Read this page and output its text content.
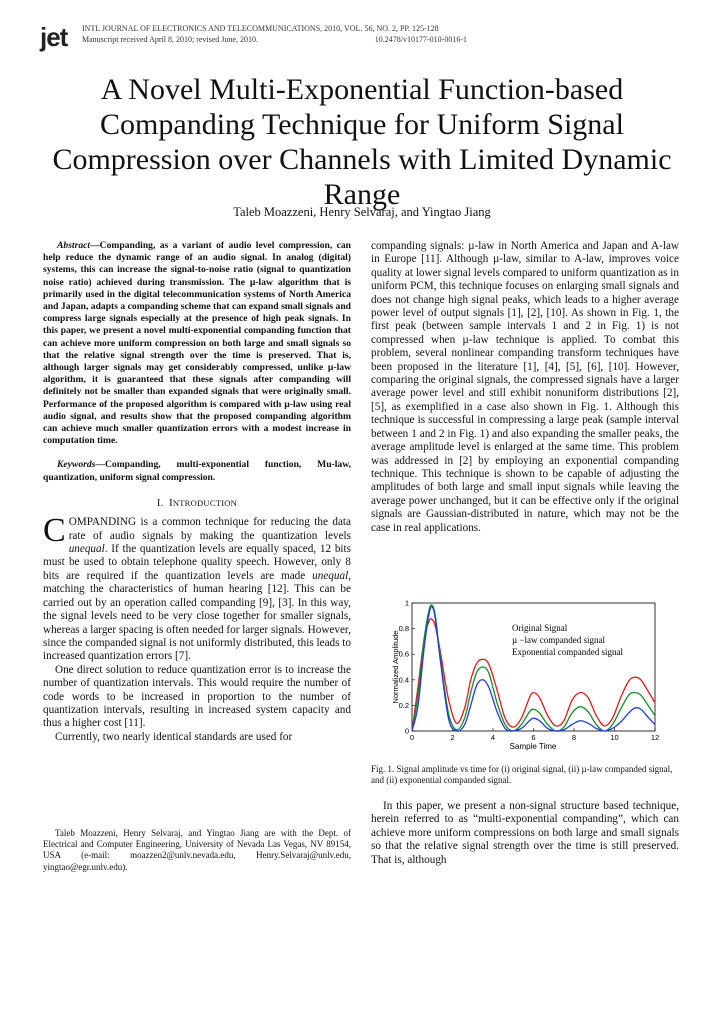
jet INTL JOURNAL OF ELECTRONICS AND TELECOMMUNICATIONS, 2010, VOL. 56, NO. 2, PP. 125-128
Manuscript received April 8, 2010; revised June, 2010.	10.2478/v10177-010-0016-1
A Novel Multi-Exponential Function-based Companding Technique for Uniform Signal Compression over Channels with Limited Dynamic Range
Taleb Moazzeni, Henry Selvaraj, and Yingtao Jiang

Abstract—Companding, as a variant of audio level compression, can help reduce the dynamic range of an audio signal. In analog (digital) systems, this can increase the signal-to-noise ratio (signal to quantization noise ratio) achieved during transmission. The µ-law algorithm that is primarily used in the digital telecommunication systems of North America and Japan, adapts a companding scheme that can expand small signals and compress large signals especially at the presence of high peak signals. In this paper, we present a novel multi-exponential companding function that can achieve more uniform compression on both large and small signals so that the relative signal strength over the time is preserved. That is, although larger signals may get considerably compressed, unlike µ-law algorithm, it is guaranteed that these signals after companding will definitely not be smaller than expanded signals that were originally small. Performance of the proposed algorithm is compared with µ-law using real audio signal, and results show that the proposed companding algorithm can achieve much smaller quantization errors with a modest increase in computation time.

Keywords—Companding, multi-exponential function, Mu-law, quantization, uniform signal compression.

I. INTRODUCTION

COMPANDING is a common technique for reducing the data rate of audio signals by making the quantization levels unequal. If the quantization levels are equally spaced, 12 bits must be used to obtain telephone quality speech. However, only 8 bits are required if the quantization levels are made unequal, matching the characteristics of human hearing [12]. This can be carried out by an operation called companding [9], [3]. In this way, the signal levels need to be very close together for smaller signals, whereas a larger spacing is often needed for larger signals. However, since the companded signal is not uniformly distributed, this leads to increased quantization errors [7].

One direct solution to reduce quantization error is to increase the number of quantization intervals. This would require the number of code words to be increased in proportion to the number of quantization intervals, resulting in increased system capacity and thus a higher cost [11].

Currently, two nearly identical standards are used for

Taleb Moazzeni, Henry Selvaraj, and Yingtao Jiang are with the Dept. of Electrical and Computer Engineering, University of Nevada Las Vegas, NV 89154, USA (e-mail: moazzen2@unlv.nevada.edu, Henry.Selvaraj@unlv.edu, yingtao@egr.unlv.edu).

companding signals: µ-law in North America and Japan and A-law in Europe [11]. Although µ-law, similar to A-law, improves voice quality at lower signal levels compared to uniform quantization as in uniform PCM, this technique focuses on enlarging small signals and does not change high signal peaks, which leads to a higher average power level of output signals [1], [2], [10]. As shown in Fig. 1, the first peak (between sample intervals 1 and 2 in Fig. 1) is not compressed when µ-law technique is applied. To combat this problem, several nonlinear companding transform techniques have been proposed in the literature [1], [4], [5], [6], [10]. However, comparing the original signals, the compressed signals have a larger average power level and still exhibit nonuniform distributions [2], [5], as exemplified in a case also shown in Fig. 1. Although this technique is successful in compressing a large peak (sample interval between 1 and 2 in Fig. 1) and also expanding the smaller peaks, the average amplitude level is enlarged at the same time. This problem was addressed in [2] by employing an exponential companding technique. This technique is shown to be capable of adjusting the amplitudes of both large and small input signals while leaving the average power unchanged, but it can be effective only if the original signals are Gaussian-distributed in nature, which may not be the case in real applications.

0	2	4	6	8	10	12
0
0.2
0.4
0.6
0.8
1
Sample Time
Normalized Amplitude
Original Signal
µ −law companded signal
Exponential companded signal
Fig. 1. Signal amplitude vs time for (i) original signal, (ii) µ-law companded signal, and (ii) exponential companded signal.
In this paper, we present a non-signal structure based technique, herein referred to as “multi-exponential companding”, which can achieve more uniform compressions on both large and small signals so that the relative signal strength over the time is still preserved. That is, although
